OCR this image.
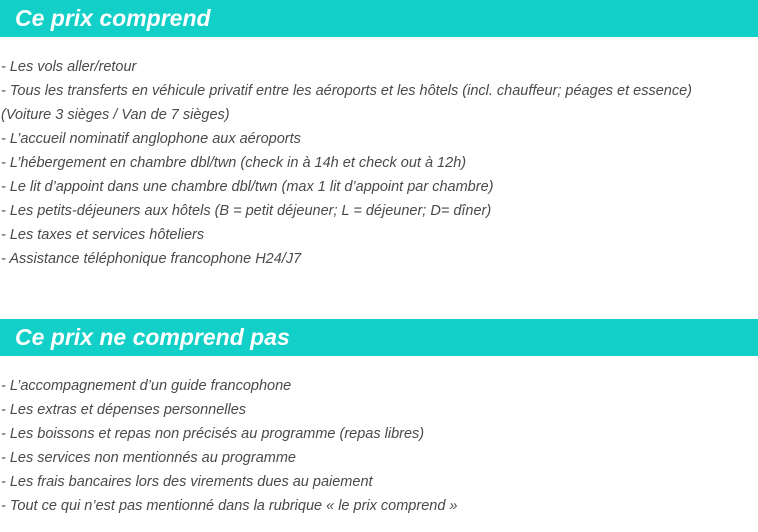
Ce prix comprend
- Les vols aller/retour
- Tous les transferts en véhicule privatif entre les aéroports et les hôtels (incl. chauffeur; péages et essence) (Voiture 3 sièges / Van de 7 sièges)
- L’accueil nominatif anglophone aux aéroports
- L’hébergement en chambre dbl/twn (check in à 14h et check out à 12h)
- Le lit d’appoint dans une chambre dbl/twn (max 1 lit d’appoint par chambre)
- Les petits-déjeuners aux hôtels (B = petit déjeuner; L = déjeuner; D= dîner)
- Les taxes et services hôteliers
- Assistance téléphonique francophone H24/J7
Ce prix ne comprend pas
- L’accompagnement d’un guide francophone
- Les extras et dépenses personnelles
- Les boissons et repas non précisés au programme (repas libres)
- Les services non mentionnés au programme
- Les frais bancaires lors des virements dues au paiement
- Tout ce qui n’est pas mentionné dans la rubrique « le prix comprend »
